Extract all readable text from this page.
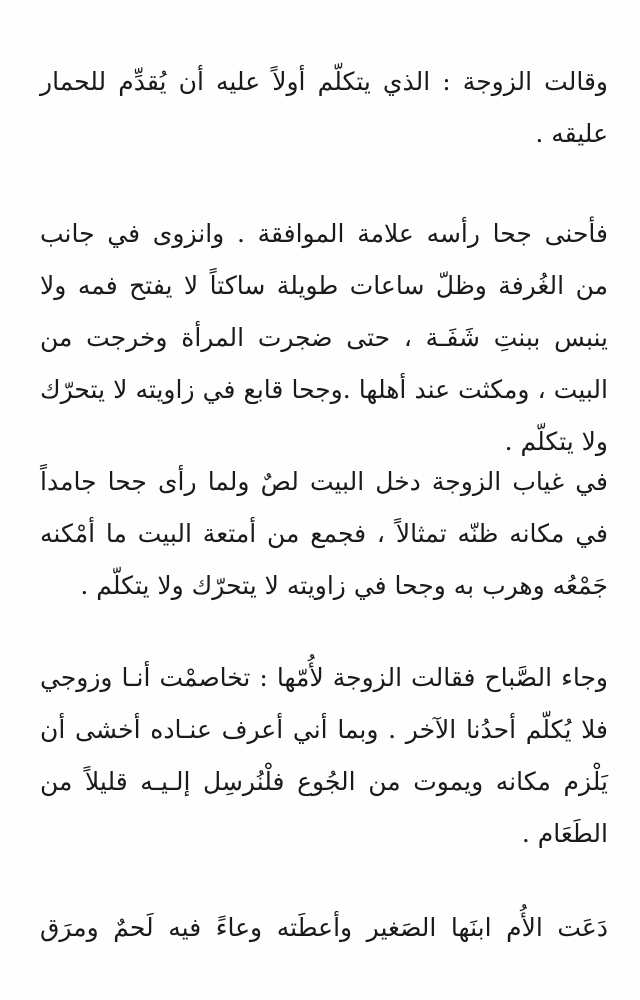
وقالت الزوجة : الذي يتكلّم أولاً عليه أن يُقدِّم للحمار عليقه .

فأحنى جحا رأسه علامة الموافقة . وانزوى في جانب من الغُرفة وظلّ ساعات طويلة ساكتاً لا يفتح فمه ولا ينبس ببنتِ شَفَـة ، حتى ضجرت المرأة وخرجت من البيت ، ومكثت عند أهلها .وجحا قابع في زاويته لا يتحرّك ولا يتكلّم .

في غياب الزوجة دخل البيت لصٌ ولما رأى جحا جامداً في مكانه ظنّه تمثالاً ، فجمع من أمتعة البيت ما أمْكنه جَمْعُه وهرب به وجحا في زاويته لا يتحرّك ولا يتكلّم .

وجاء الصَّباح فقالت الزوجة لأُمّها : تخاصمْت أنـا وزوجي فلا يُكلّم أحدُنا الآخر . وبما أني أعرف عنـاده أخشى أن يَلْزم مكانه ويموت من الجُوع فلْنُرسِل إلـيـه قليلاً من الطَعَام .

دَعَت الأُم ابنَها الصَغير وأعطَته وعاءً فيه لَحمٌ ومرَق
